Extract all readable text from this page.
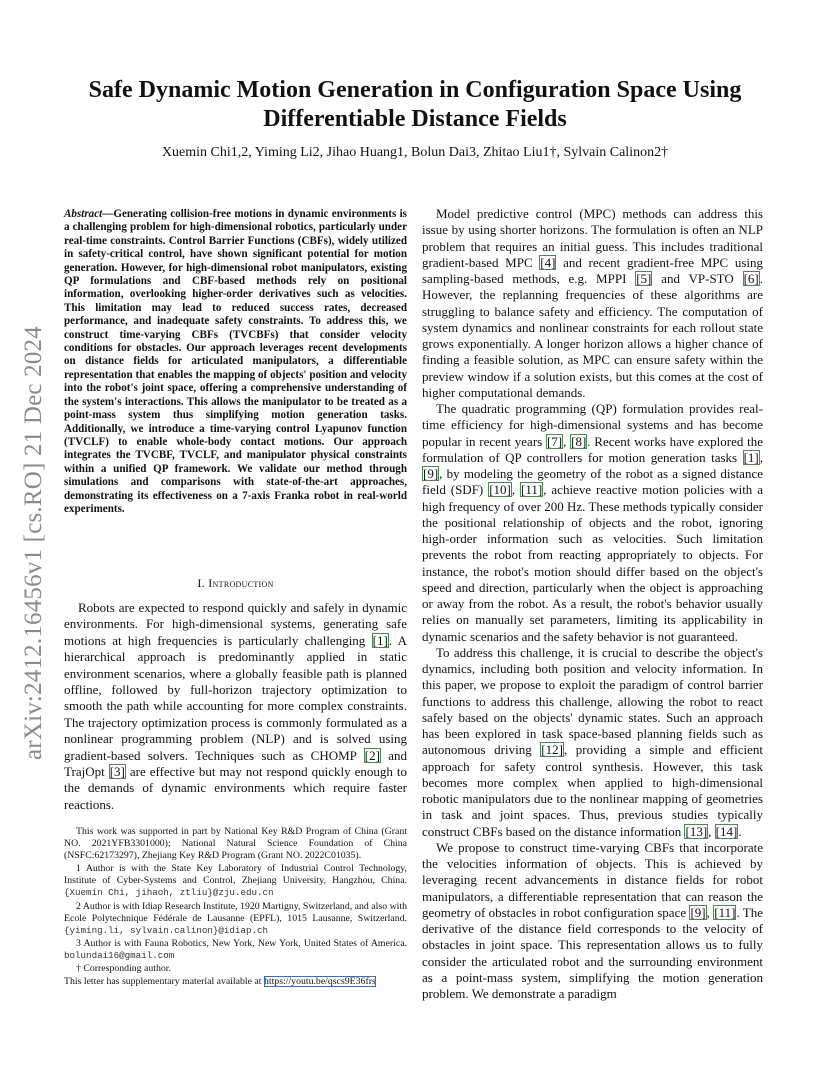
arXiv:2412.16456v1 [cs.RO] 21 Dec 2024
Safe Dynamic Motion Generation in Configuration Space Using Differentiable Distance Fields
Xuemin Chi1,2, Yiming Li2, Jihao Huang1, Bolun Dai3, Zhitao Liu1†, Sylvain Calinon2†
Abstract—Generating collision-free motions in dynamic environments is a challenging problem for high-dimensional robotics, particularly under real-time constraints. Control Barrier Functions (CBFs), widely utilized in safety-critical control, have shown significant potential for motion generation. However, for high-dimensional robot manipulators, existing QP formulations and CBF-based methods rely on positional information, overlooking higher-order derivatives such as velocities. This limitation may lead to reduced success rates, decreased performance, and inadequate safety constraints. To address this, we construct time-varying CBFs (TVCBFs) that consider velocity conditions for obstacles. Our approach leverages recent developments on distance fields for articulated manipulators, a differentiable representation that enables the mapping of objects' position and velocity into the robot's joint space, offering a comprehensive understanding of the system's interactions. This allows the manipulator to be treated as a point-mass system thus simplifying motion generation tasks. Additionally, we introduce a time-varying control Lyapunov function (TVCLF) to enable whole-body contact motions. Our approach integrates the TVCBF, TVCLF, and manipulator physical constraints within a unified QP framework. We validate our method through simulations and comparisons with state-of-the-art approaches, demonstrating its effectiveness on a 7-axis Franka robot in real-world experiments.
I. Introduction

Robots are expected to respond quickly and safely in dynamic environments. For high-dimensional systems, generating safe motions at high frequencies is particularly challenging [1]. A hierarchical approach is predominantly applied in static environment scenarios, where a globally feasible path is planned offline, followed by full-horizon trajectory optimization to smooth the path while accounting for more complex constraints. The trajectory optimization process is commonly formulated as a nonlinear programming problem (NLP) and is solved using gradient-based solvers. Techniques such as CHOMP [2] and TrajOpt [3] are effective but may not respond quickly enough to the demands of dynamic environments which require faster reactions.

This work was supported in part by National Key R&D Program of China (Grant NO. 2021YFB3301000); National Natural Science Foundation of China (NSFC:62173297), Zhejiang Key R&D Program (Grant NO. 2022C01035).

1 Author is with the State Key Laboratory of Industrial Control Technology, Institute of Cyber-Systems and Control, Zhejiang University, Hangzhou, China. {Xuemin Chi, jihaoh, ztliu}@zju.edu.cn

2 Author is with Idiap Research Institute, 1920 Martigny, Switzerland, and also with Ecole Polytechnique Fédérale de Lausanne (EPFL), 1015 Lausanne, Switzerland. {yiming.li, sylvain.calinon}@idiap.ch

3 Author is with Fauna Robotics, New York, New York, United States of America. bolundai16@gmail.com

† Corresponding author.

This letter has supplementary material available at https://youtu.be/qscs9E36frs

Model predictive control (MPC) methods can address this issue by using shorter horizons. The formulation is often an NLP problem that requires an initial guess. This includes traditional gradient-based MPC [4] and recent gradient-free MPC using sampling-based methods, e.g. MPPI [5] and VP-STO [6]. However, the replanning frequencies of these algorithms are struggling to balance safety and efficiency. The computation of system dynamics and nonlinear constraints for each rollout state grows exponentially. A longer horizon allows a higher chance of finding a feasible solution, as MPC can ensure safety within the preview window if a solution exists, but this comes at the cost of higher computational demands.

The quadratic programming (QP) formulation provides real-time efficiency for high-dimensional systems and has become popular in recent years [7], [8]. Recent works have explored the formulation of QP controllers for motion generation tasks [1], [9], by modeling the geometry of the robot as a signed distance field (SDF) [10], [11], achieve reactive motion policies with a high frequency of over 200 Hz. These methods typically consider the positional relationship of objects and the robot, ignoring high-order information such as velocities. Such limitation prevents the robot from reacting appropriately to objects. For instance, the robot's motion should differ based on the object's speed and direction, particularly when the object is approaching or away from the robot. As a result, the robot's behavior usually relies on manually set parameters, limiting its applicability in dynamic scenarios and the safety behavior is not guaranteed.

To address this challenge, it is crucial to describe the object's dynamics, including both position and velocity information. In this paper, we propose to exploit the paradigm of control barrier functions to address this challenge, allowing the robot to react safely based on the objects' dynamic states. Such an approach has been explored in task space-based planning fields such as autonomous driving [12], providing a simple and efficient approach for safety control synthesis. However, this task becomes more complex when applied to high-dimensional robotic manipulators due to the nonlinear mapping of geometries in task and joint spaces. Thus, previous studies typically construct CBFs based on the distance information [13], [14].

We propose to construct time-varying CBFs that incorporate the velocities information of objects. This is achieved by leveraging recent advancements in distance fields for robot manipulators, a differentiable representation that can reason the geometry of obstacles in robot configuration space [9], [11]. The derivative of the distance field corresponds to the velocity of obstacles in joint space. This representation allows us to fully consider the articulated robot and the surrounding environment as a point-mass system, simplifying the motion generation problem. We demonstrate a paradigm
